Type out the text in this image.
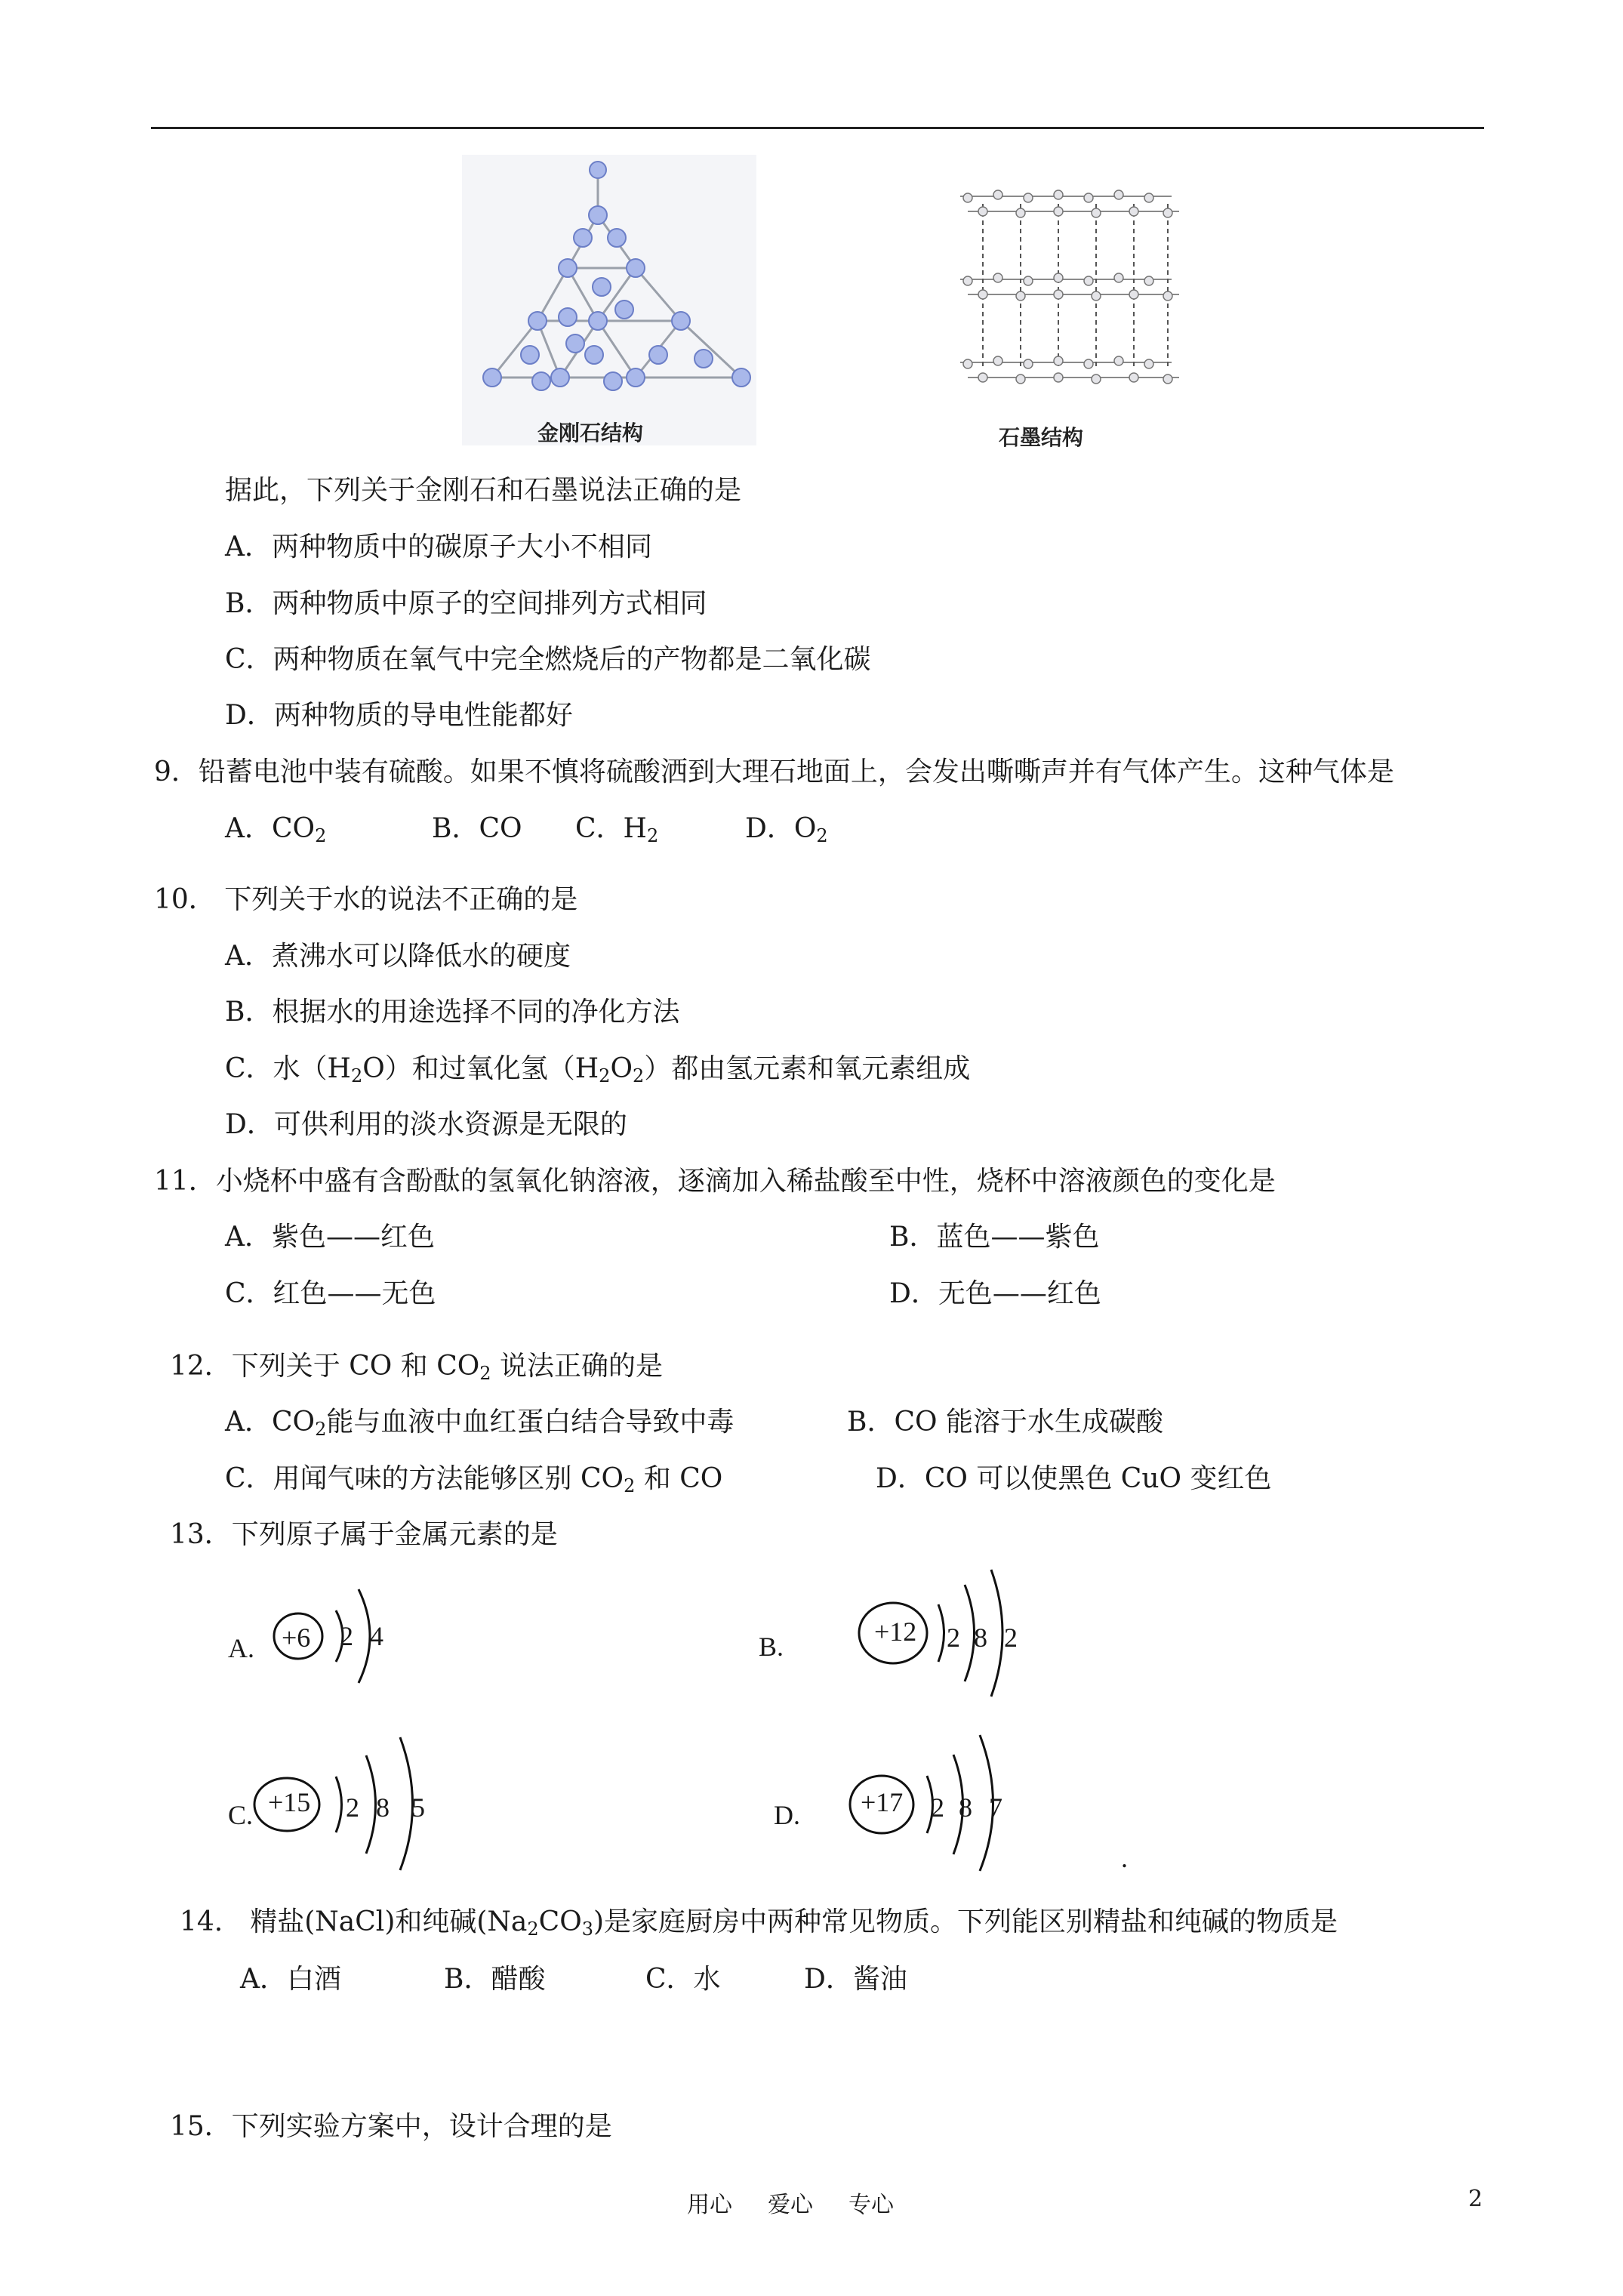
金刚石结构	石墨结构
据此，下列关于金刚石和石墨说法正确的是
A．两种物质中的碳原子大小不相同
B．两种物质中原子的空间排列方式相同
C．两种物质在氧气中完全燃烧后的产物都是二氧化碳
D．两种物质的导电性能都好
9．铅蓄电池中装有硫酸。如果不慎将硫酸洒到大理石地面上，会发出嘶嘶声并有气体产生。这种气体是
A．$CO_2$	B．CO C．$H_2$	D．$O_2$
10． 下列关于水的说法不正确的是
A．煮沸水可以降低水的硬度
B．根据水的用途选择不同的净化方法
C．水$(H_2O)$和过氧化氢$(H_2O_2)$都由氢元素和氧元素组成
D．可供利用的淡水资源是无限的
11．小烧杯中盛有含酚酞的氢氧化钠溶液，逐滴加入稀盐酸至中性，烧杯中溶液颜色的变化是
A．紫色——红色	B．蓝色——紫色
C．红色——无色	D．无色——红色
12．下列关于 CO 和 $CO_2$ 说法正确的是
A．$CO_2$能与血液中血红蛋白结合导致中毒	B．CO 能溶于水生成碳酸
C．用闻气味的方法能够区别 $CO_2$ 和 CO	D．CO 可以使黑色 CuO 变红色
13．下列原子属于金属元素的是
A. +6 2 4	B.	+12 2 8 2
C. +15 2 8 5	D. +17 2 8 7
.
14.　精盐(NaCl)和纯碱$(Na_2CO_3)$是家庭厨房中两种常见物质。下列能区别精盐和纯碱的物质是
A．白酒	B．醋酸	C．水	D．酱油
15．下列实验方案中，设计合理的是
用心 爱心 专心	2
